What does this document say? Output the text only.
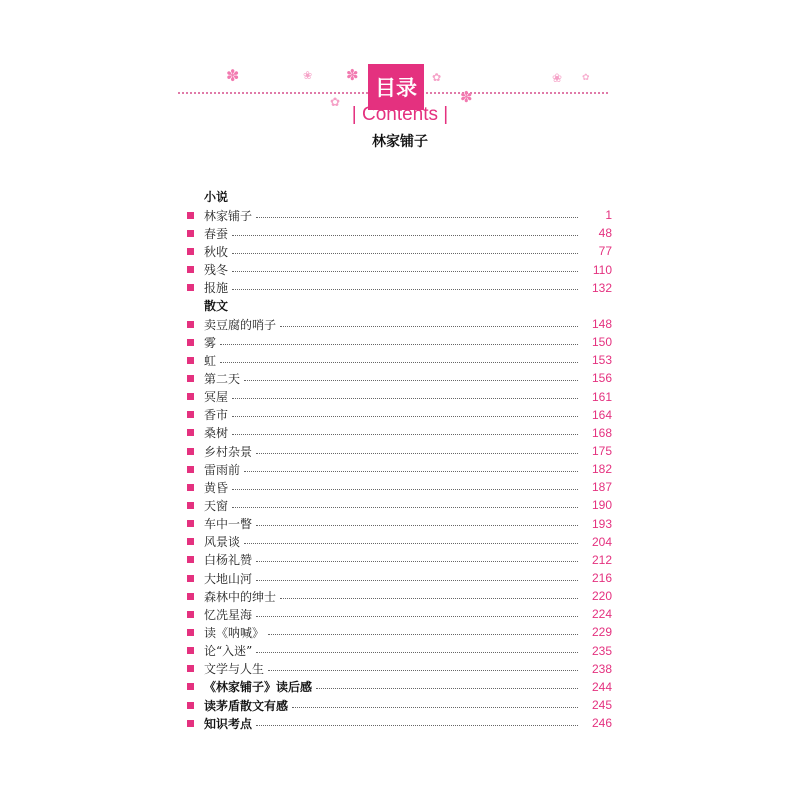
✽	❀
✿
✽	✿
✽
❀ ✿
目录
| Contents |
林家铺子
小说
林家铺子	1
春蚕	48
秋收	77
残冬	110
报施	132
散文
卖豆腐的哨子	148
雾	150
虹	153
第二天	156
冥屋	161
香市	164
桑树	168
乡村杂景	175
雷雨前	182
黄昏	187
天窗	190
车中一瞥	193
风景谈	204
白杨礼赞	212
大地山河	216
森林中的绅士	220
忆冼星海	224
读《呐喊》	229
论“入迷”	235
文学与人生	238
《林家铺子》读后感	244
读茅盾散文有感	245
知识考点	246
